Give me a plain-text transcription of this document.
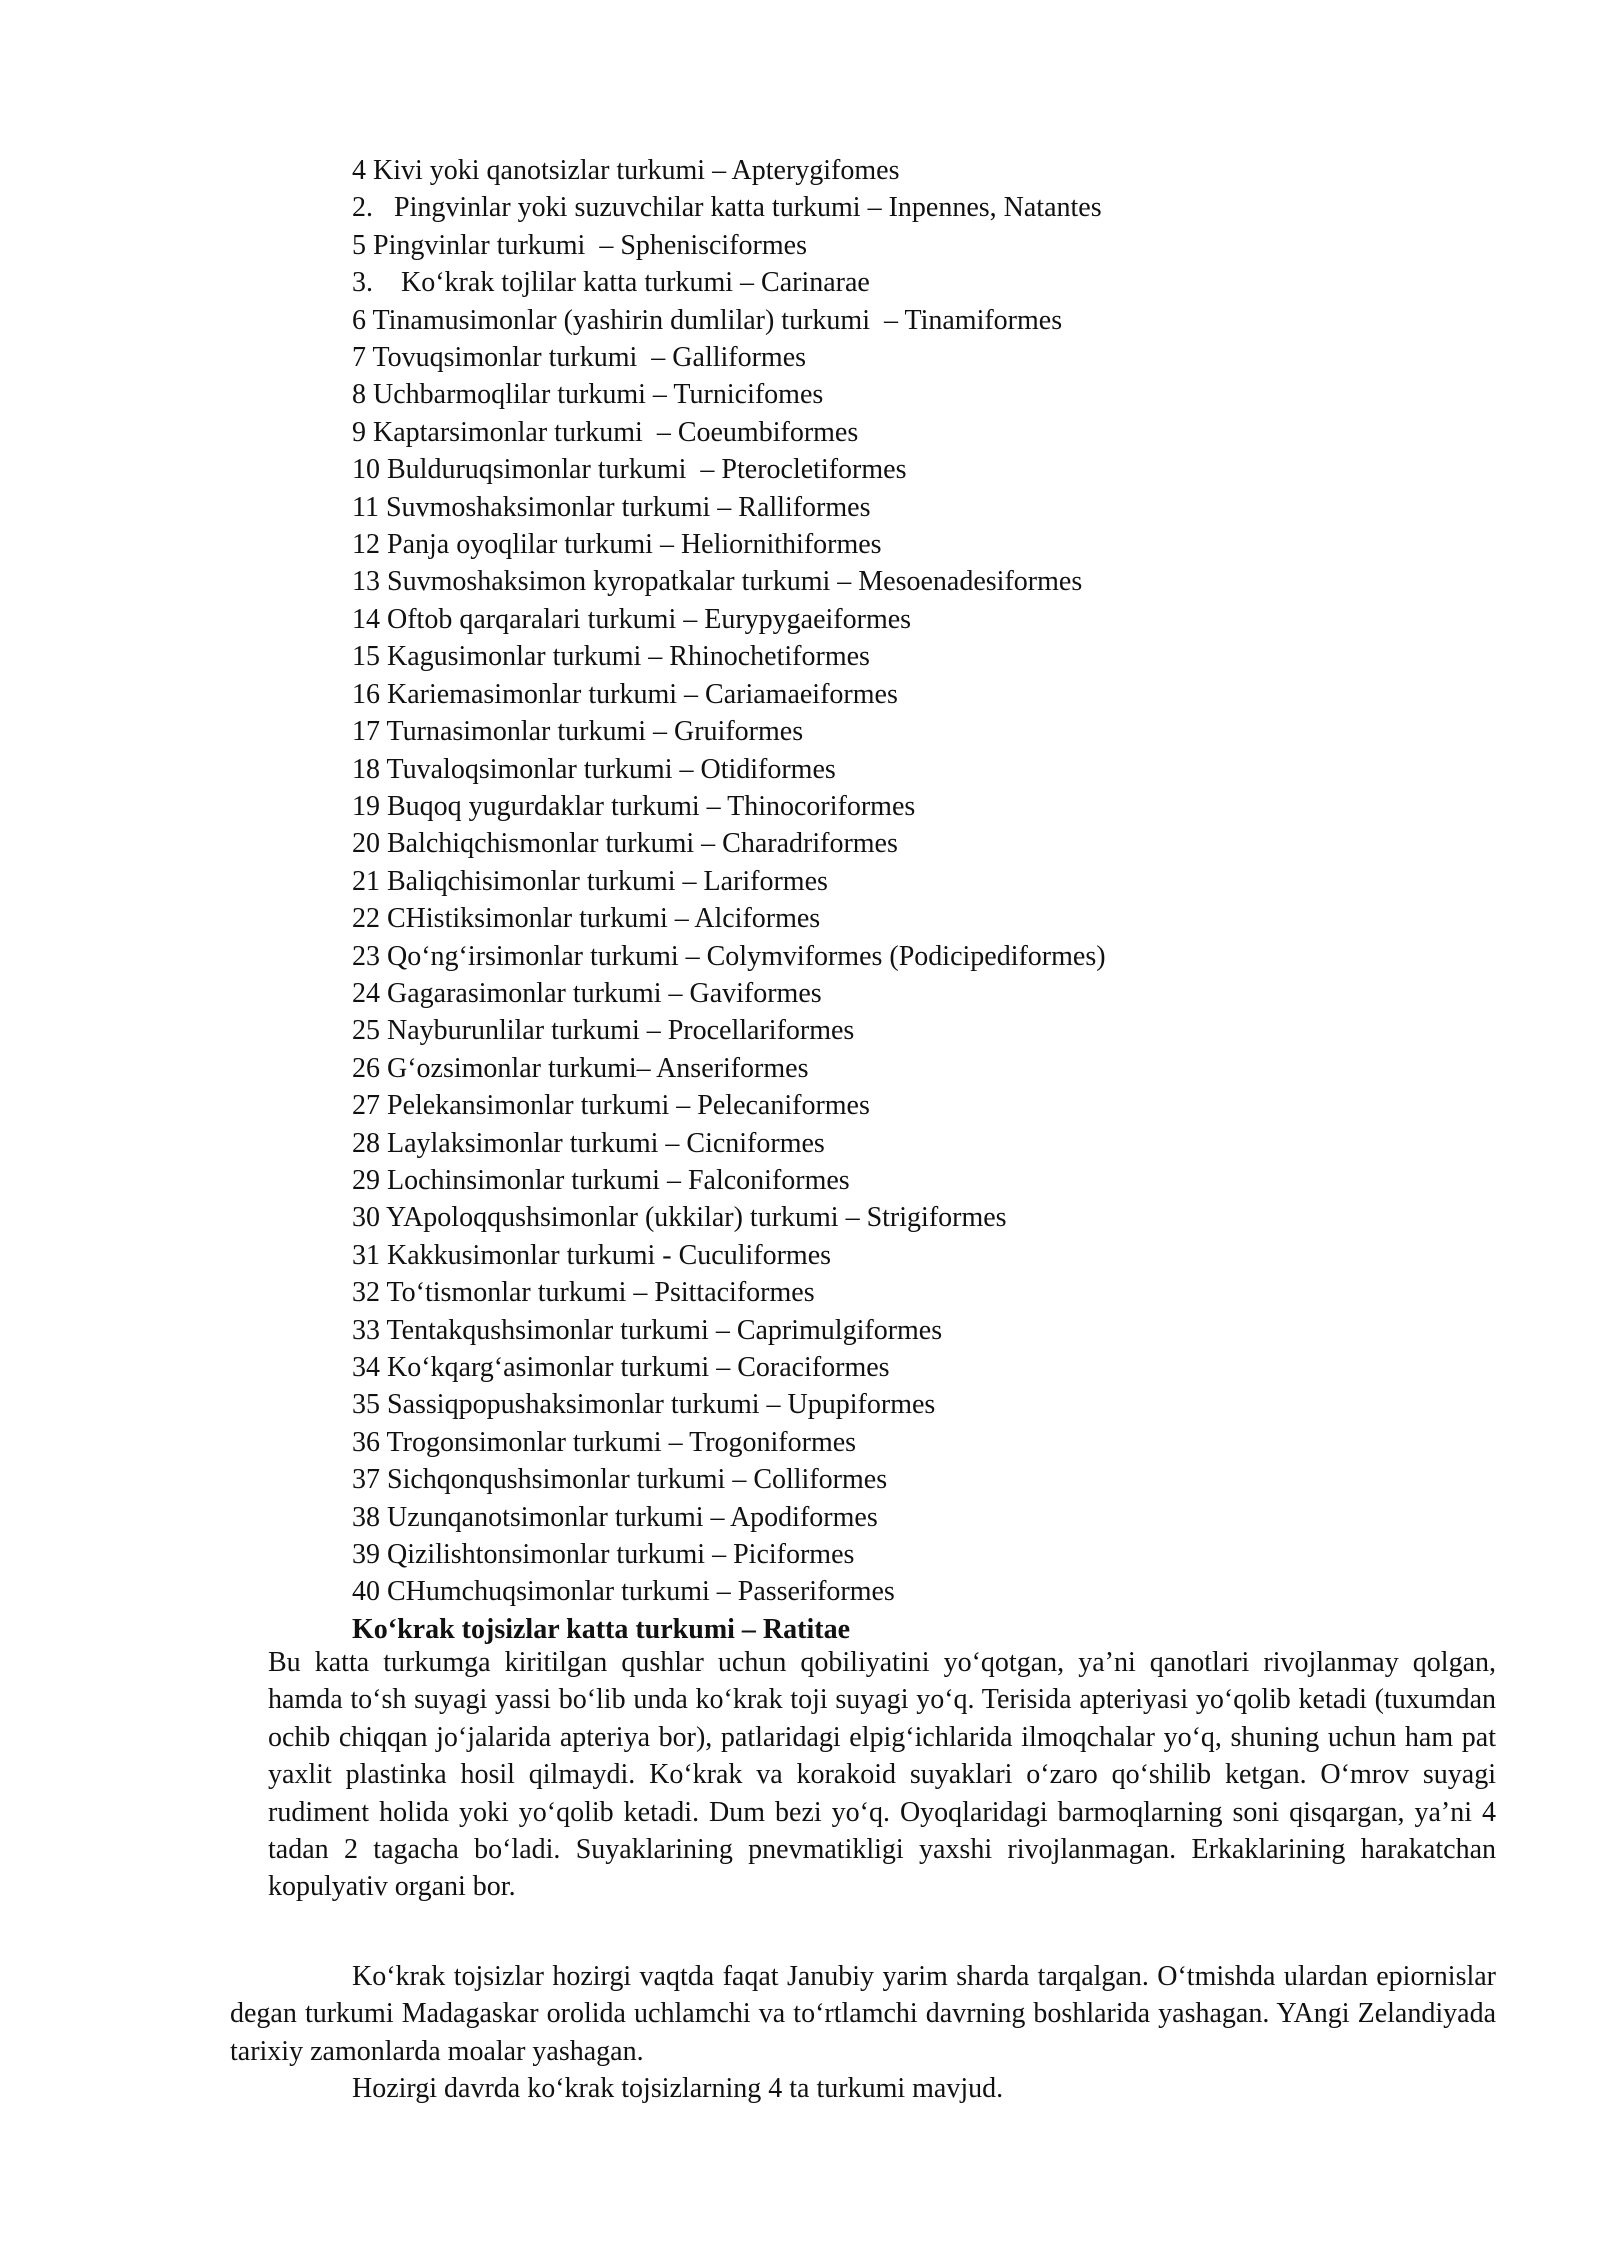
4 Kivi yoki qanotsizlar turkumi – Apterygifomes

2.   Pingvinlar yoki suzuvchilar katta turkumi – Inpennes, Natantes

5 Pingvinlar turkumi  – Sphenisciformes

3.    Ko‘krak tojlilar katta turkumi – Carinarae

6 Tinamusimonlar (yashirin dumlilar) turkumi  – Tinamiformes

7 Tovuqsimonlar turkumi  – Galliformes

8 Uchbarmoqlilar turkumi – Turnicifomes

9 Kaptarsimonlar turkumi  – Coeumbiformes

10 Bulduruqsimonlar turkumi  – Pterocletiformes

11 Suvmoshaksimonlar turkumi – Ralliformes

12 Panja oyoqlilar turkumi – Heliornithiformes

13 Suvmoshaksimon kyropatkalar turkumi – Mesoenadesiformes

14 Oftob qarqaralari turkumi – Eurypygaeiformes

15 Kagusimonlar turkumi – Rhinochetiformes

16 Kariemasimonlar turkumi – Cariamaeiformes

17 Turnasimonlar turkumi – Gruiformes

18 Tuvaloqsimonlar turkumi – Otidiformes

19 Buqoq yugurdaklar turkumi – Thinocoriformes

20 Balchiqchismonlar turkumi – Charadriformes

21 Baliqchisimonlar turkumi – Lariformes

22 CHistiksimonlar turkumi – Alciformes

23 Qo‘ng‘irsimonlar turkumi – Colymviformes (Podicipediformes)

24 Gagarasimonlar turkumi – Gaviformes

25 Nayburunlilar turkumi – Procellariformes

26 G‘ozsimonlar turkumi– Anseriformes

27 Pelekansimonlar turkumi – Pelecaniformes

28 Laylaksimonlar turkumi – Cicniformes

29 Lochinsimonlar turkumi – Falconiformes

30 YApoloqqushsimonlar (ukkilar) turkumi – Strigiformes

31 Kakkusimonlar turkumi - Cuculiformes

32 To‘tismonlar turkumi – Psittaciformes

33 Tentakqushsimonlar turkumi – Caprimulgiformes

34 Ko‘kqarg‘asimonlar turkumi – Coraciformes

35 Sassiqpopushaksimonlar turkumi – Upupiformes

36 Trogonsimonlar turkumi – Trogoniformes

37 Sichqonqushsimonlar turkumi – Colliformes

38 Uzunqanotsimonlar turkumi – Apodiformes

39 Qizilishtonsimonlar turkumi – Piciformes

40 CHumchuqsimonlar turkumi – Passeriformes

Ko‘krak tojsizlar katta turkumi – Ratitae

Bu katta turkumga kiritilgan qushlar uchun qobiliyatini yo‘qotgan, ya’ni qanotlari rivojlanmay qolgan, hamda to‘sh suyagi yassi bo‘lib unda ko‘krak toji suyagi yo‘q. Terisida apteriyasi yo‘qolib ketadi (tuxumdan ochib chiqqan jo‘jalarida apteriya bor), patlaridagi elpig‘ichlarida ilmoqchalar yo‘q, shuning uchun ham pat yaxlit plastinka hosil qilmaydi. Ko‘krak va korakoid suyaklari o‘zaro qo‘shilib ketgan. O‘mrov suyagi rudiment holida yoki yo‘qolib ketadi. Dum bezi yo‘q. Oyoqlaridagi barmoqlarning soni qisqargan, ya’ni 4 tadan 2 tagacha bo‘ladi. Suyaklarining pnevmatikligi yaxshi rivojlanmagan. Erkaklarining harakatchan kopulyativ organi bor.

Ko‘krak tojsizlar hozirgi vaqtda faqat Janubiy yarim sharda tarqalgan. O‘tmishda ulardan epiornislar degan turkumi Madagaskar orolida uchlamchi va to‘rtlamchi davrning boshlarida yashagan. YAngi Zelandiyada tarixiy zamonlarda moalar yashagan.

Hozirgi davrda ko‘krak tojsizlarning 4 ta turkumi mavjud.
